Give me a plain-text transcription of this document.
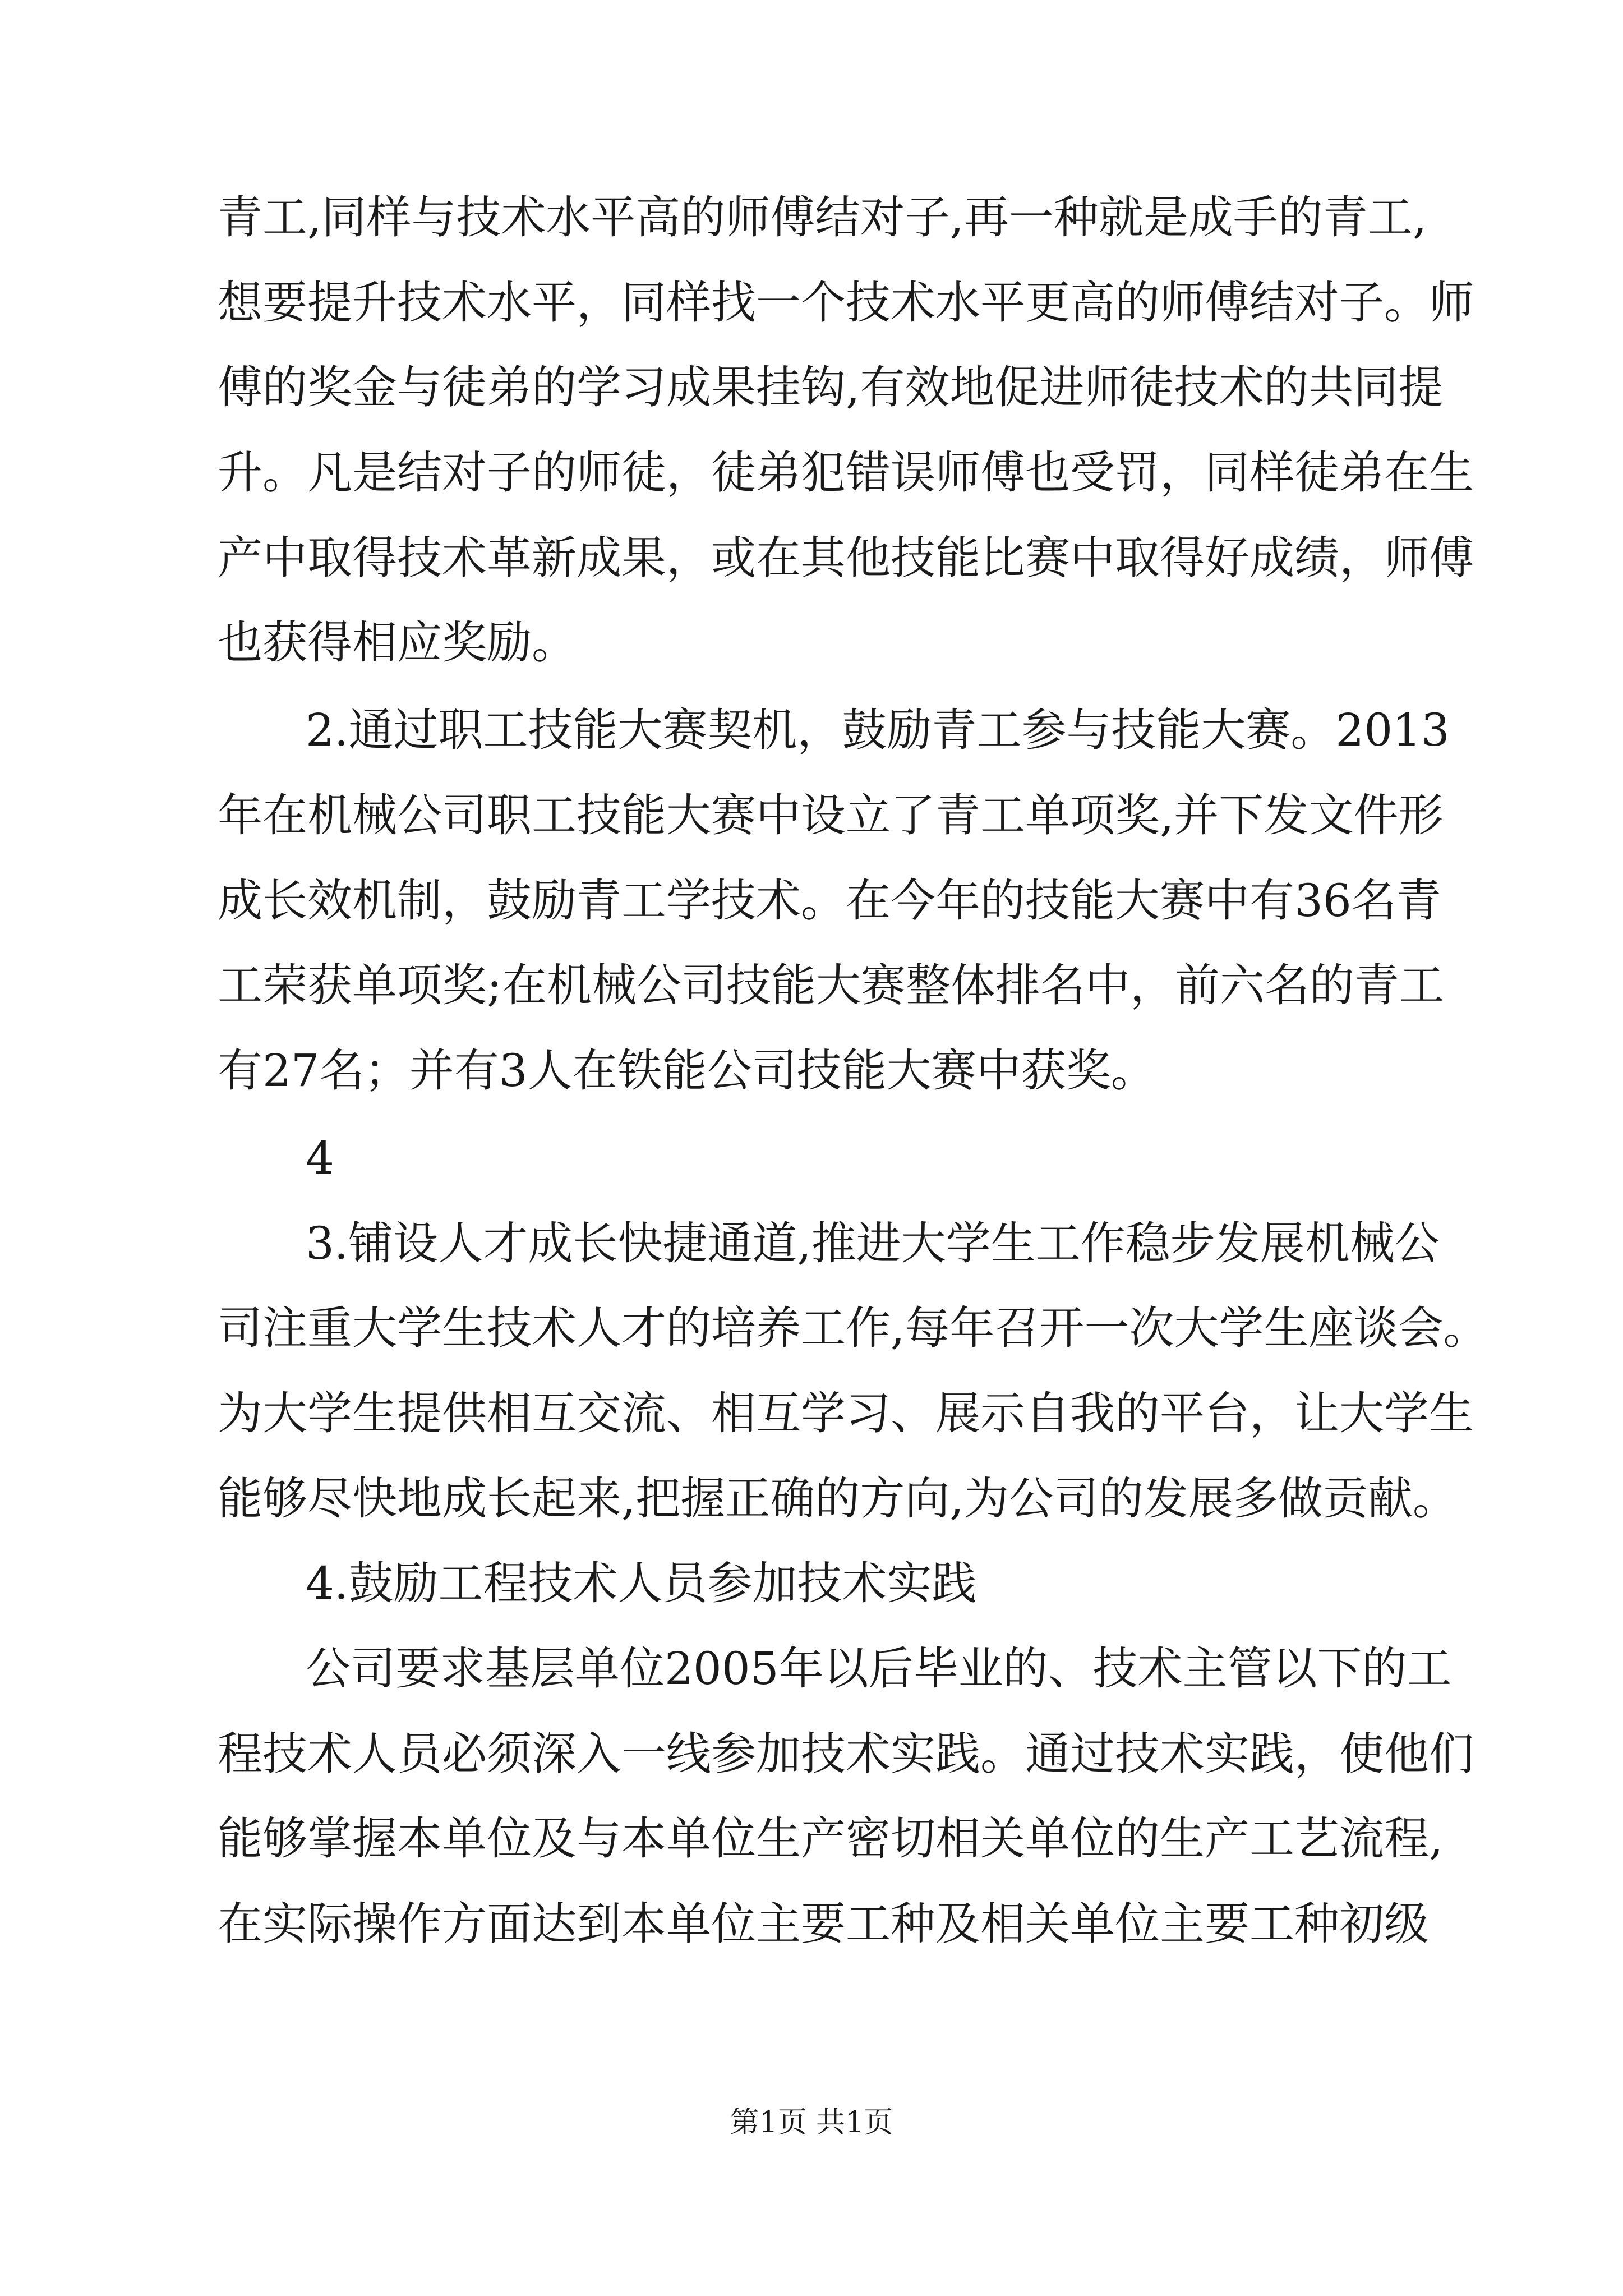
青工,同样与技术水平高的师傅结对子,再一种就是成手的青工,
想要提升技术水平，同样找一个技术水平更高的师傅结对子。师
傅的奖金与徒弟的学习成果挂钩,有效地促进师徒技术的共同提
升。凡是结对子的师徒，徒弟犯错误师傅也受罚，同样徒弟在生
产中取得技术革新成果，或在其他技能比赛中取得好成绩，师傅
也获得相应奖励。
2.通过职工技能大赛契机，鼓励青工参与技能大赛。2013
年在机械公司职工技能大赛中设立了青工单项奖,并下发文件形
成长效机制，鼓励青工学技术。在今年的技能大赛中有36名青
工荣获单项奖;在机械公司技能大赛整体排名中，前六名的青工
有27名；并有3人在铁能公司技能大赛中获奖。
4
3.铺设人才成长快捷通道,推进大学生工作稳步发展机械公
司注重大学生技术人才的培养工作,每年召开一次大学生座谈会。
为大学生提供相互交流、相互学习、展示自我的平台，让大学生
能够尽快地成长起来,把握正确的方向,为公司的发展多做贡献。
4.鼓励工程技术人员参加技术实践
公司要求基层单位2005年以后毕业的、技术主管以下的工
程技术人员必须深入一线参加技术实践。通过技术实践，使他们
能够掌握本单位及与本单位生产密切相关单位的生产工艺流程,
在实际操作方面达到本单位主要工种及相关单位主要工种初级
第1页 共1页
